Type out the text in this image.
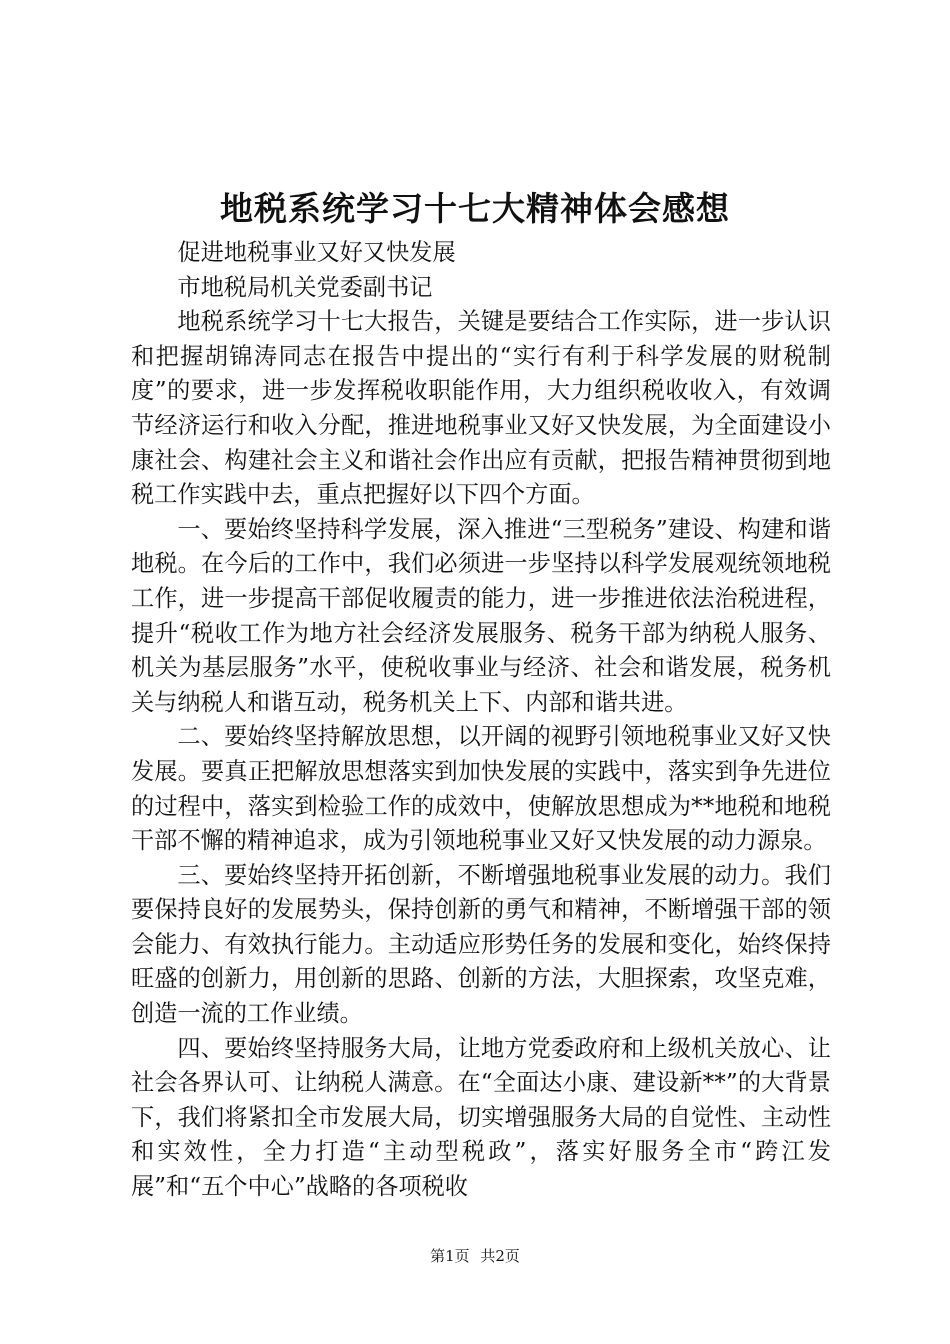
地税系统学习十七大精神体会感想

促进地税事业又好又快发展

市地税局机关党委副书记

地税系统学习十七大报告，关键是要结合工作实际，进一步认识和把握胡锦涛同志在报告中提出的“实行有利于科学发展的财税制度”的要求，进一步发挥税收职能作用，大力组织税收收入，有效调节经济运行和收入分配，推进地税事业又好又快发展，为全面建设小康社会、构建社会主义和谐社会作出应有贡献，把报告精神贯彻到地税工作实践中去，重点把握好以下四个方面。

一、要始终坚持科学发展，深入推进“三型税务”建设、构建和谐地税。在今后的工作中，我们必须进一步坚持以科学发展观统领地税工作，进一步提高干部促收履责的能力，进一步推进依法治税进程，提升“税收工作为地方社会经济发展服务、税务干部为纳税人服务、机关为基层服务”水平，使税收事业与经济、社会和谐发展，税务机关与纳税人和谐互动，税务机关上下、内部和谐共进。

二、要始终坚持解放思想，以开阔的视野引领地税事业又好又快发展。要真正把解放思想落实到加快发展的实践中，落实到争先进位的过程中，落实到检验工作的成效中，使解放思想成为**地税和地税干部不懈的精神追求，成为引领地税事业又好又快发展的动力源泉。

三、要始终坚持开拓创新，不断增强地税事业发展的动力。我们要保持良好的发展势头，保持创新的勇气和精神，不断增强干部的领会能力、有效执行能力。主动适应形势任务的发展和变化，始终保持旺盛的创新力，用创新的思路、创新的方法，大胆探索，攻坚克难，创造一流的工作业绩。

四、要始终坚持服务大局，让地方党委政府和上级机关放心、让社会各界认可、让纳税人满意。在“全面达小康、建设新**”的大背景下，我们将紧扣全市发展大局，切实增强服务大局的自觉性、主动性和实效性，全力打造“主动型税政”，落实好服务全市“跨江发展”和“五个中心”战略的各项税收

第1页 共2页
